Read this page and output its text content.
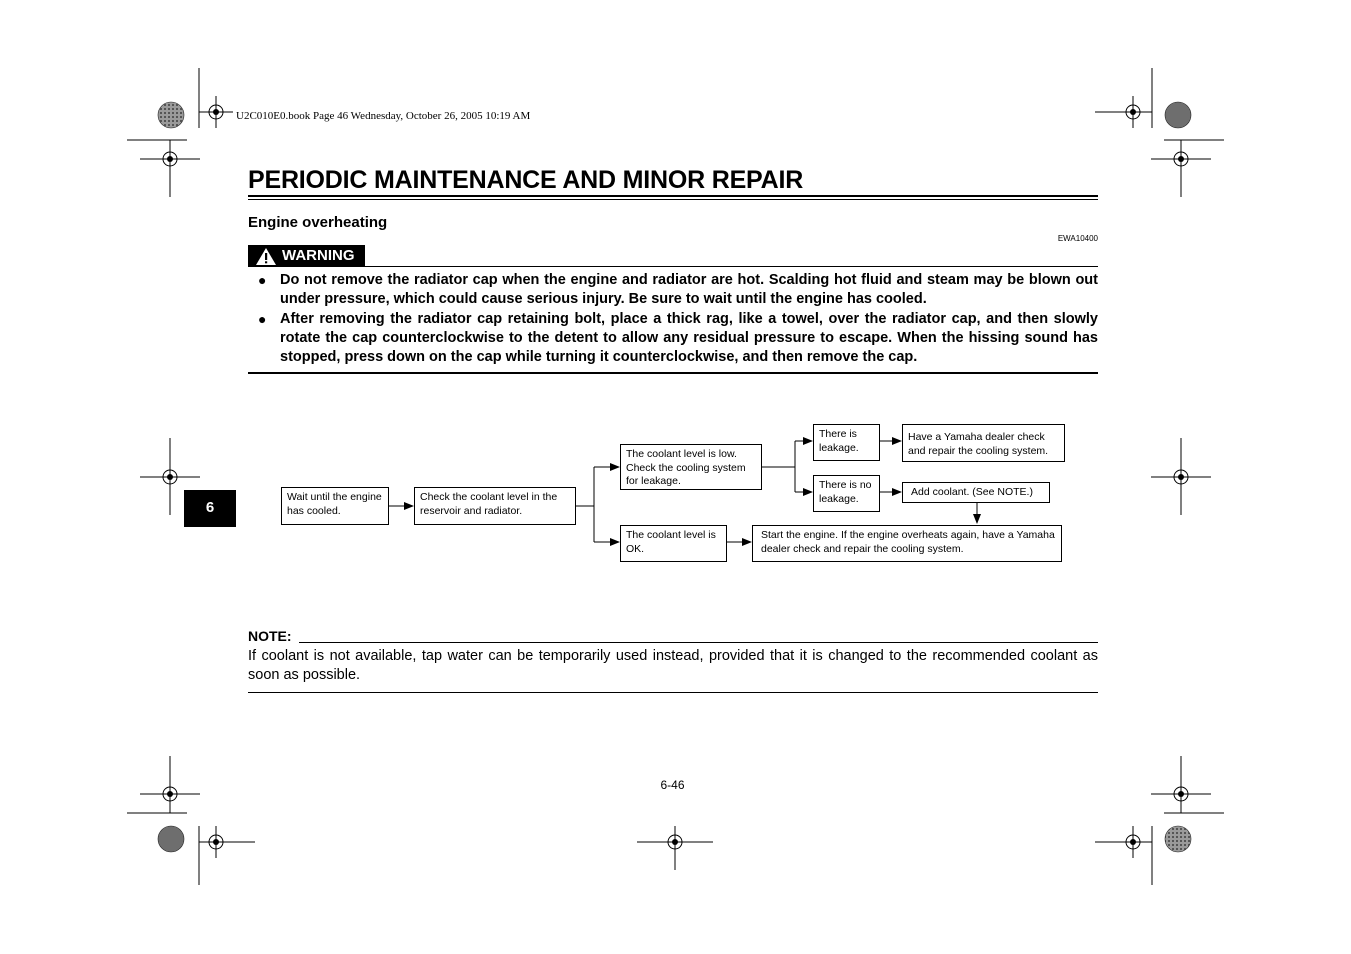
U2C010E0.book Page 46 Wednesday, October 26, 2005 10:19 AM
PERIODIC MAINTENANCE AND MINOR REPAIR
Engine overheating
EWA10400
WARNING
● Do not remove the radiator cap when the engine and radiator are hot. Scalding hot fluid and steam may be blown out under pressure, which could cause serious injury. Be sure to wait until the engine has cooled.
● After removing the radiator cap retaining bolt, place a thick rag, like a towel, over the radiator cap, and then slowly rotate the cap counterclockwise to the detent to allow any residual pressure to escape. When the hissing sound has stopped, press down on the cap while turning it counterclockwise, and then remove the cap.
Wait until the engine has cooled.
Check the coolant level in the reservoir and radiator.
The coolant level is low. Check the cooling system for leakage.
The coolant level is OK.
There is leakage.
There is no leakage.
Have a Yamaha dealer check and repair the cooling system.
Add coolant. (See NOTE.)
Start the engine. If the engine overheats again, have a Yamaha dealer check and repair the cooling system.
NOTE:
If coolant is not available, tap water can be temporarily used instead, provided that it is changed to the recommended coolant as soon as possible.
6
6-46
